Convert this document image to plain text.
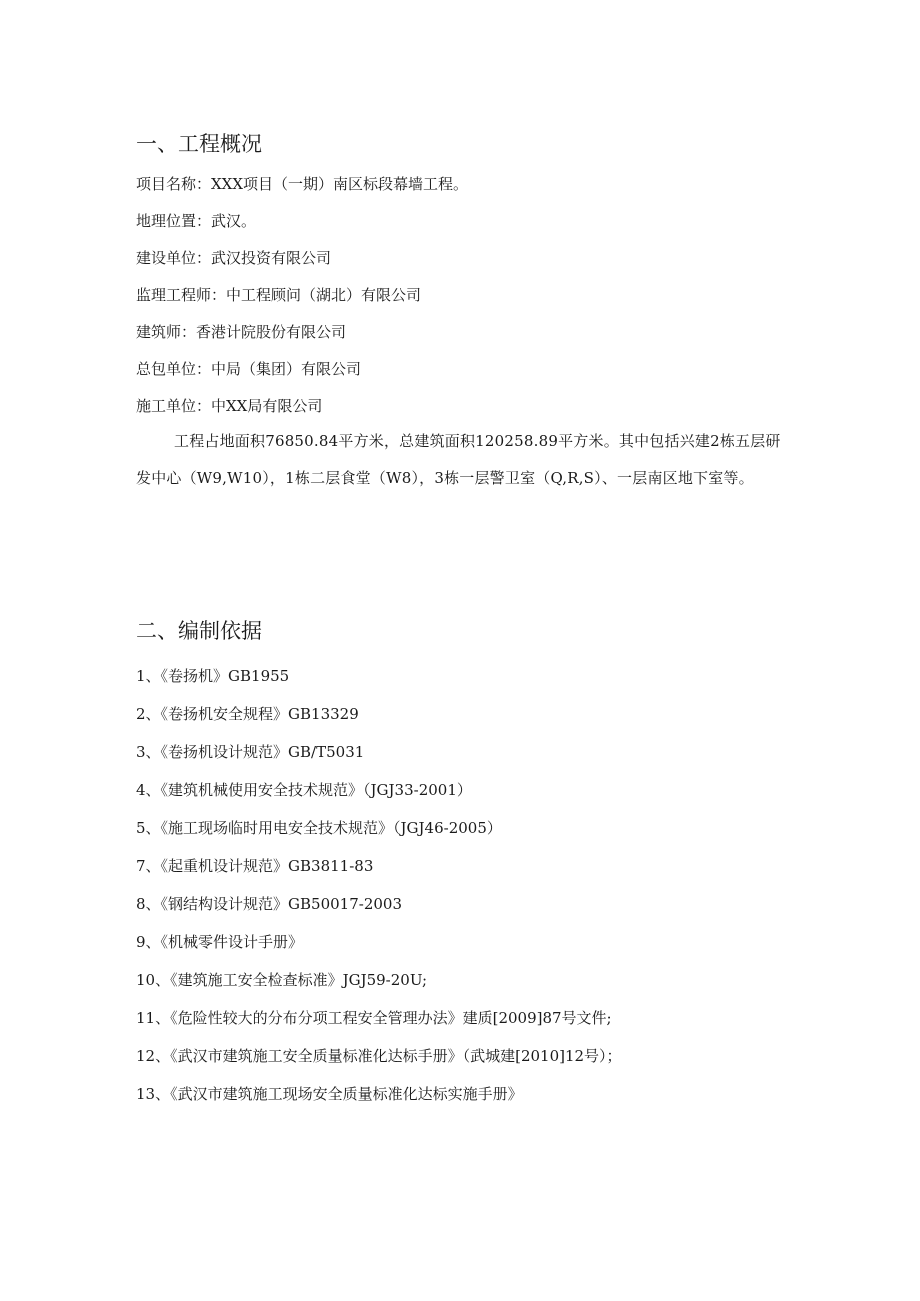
一、工程概况

项目名称：XXX项目（一期）南区标段幕墙工程。

地理位置：武汉。

建设单位：武汉投资有限公司

监理工程师：中工程顾问（湖北）有限公司

建筑师：香港计院股份有限公司

总包单位：中局（集团）有限公司

施工单位：中XX局有限公司

工程占地面积76850.84平方米，总建筑面积120258.89平方米。其中包括兴建2栋五层研发中心（W9,W10），1栋二层食堂（W8），3栋一层警卫室（Q,R,S）、一层南区地下室等。

二、编制依据

1、《卷扬机》GB1955

2、《卷扬机安全规程》GB13329

3、《卷扬机设计规范》GB/T5031

4、《建筑机械使用安全技术规范》（JGJ33-2001）

5、《施工现场临时用电安全技术规范》（JGJ46-2005）

7、《起重机设计规范》GB3811-83

8、《钢结构设计规范》GB50017-2003

9、《机械零件设计手册》

10、《建筑施工安全检查标准》JGJ59-20U;

11、《危险性较大的分布分项工程安全管理办法》建质[2009]87号文件;

12、《武汉市建筑施工安全质量标准化达标手册》（武城建[2010]12号）；

13、《武汉市建筑施工现场安全质量标准化达标实施手册》
